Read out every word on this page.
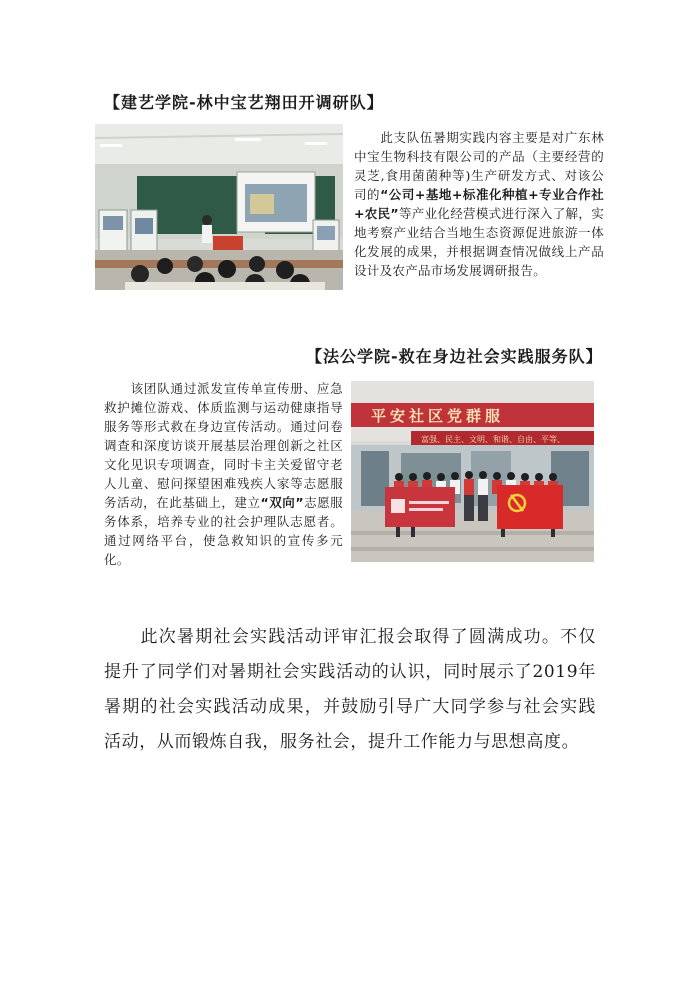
【建艺学院-林中宝艺翔田开调研队】
　　此支队伍暑期实践内容主要是对广东林中宝生物科技有限公司的产品（主要经营的灵芝,食用菌菌种等)生产研发方式、对该公司的“公司+基地+标准化种植+专业合作社+农民”等产业化经营模式进行深入了解，实地考察产业结合当地生态资源促进旅游一体化发展的成果，并根据调查情况做线上产品设计及农产品市场发展调研报告。
【法公学院-救在身边社会实践服务队】
　　该团队通过派发宣传单宣传册、应急救护摊位游戏、体质监测与运动健康指导服务等形式救在身边宣传活动。通过问卷调查和深度访谈开展基层治理创新之社区文化见识专项调查，同时卡主关爱留守老人儿童、慰问探望困难残疾人家等志愿服务活动，在此基础上，建立“双向”志愿服务体系，培养专业的社会护理队志愿者。通过网络平台，使急救知识的宣传多元化。
平安社区党群服
富强、民主、文明、和谐、自由、平等、
　　此次暑期社会实践活动评审汇报会取得了圆满成功。不仅提升了同学们对暑期社会实践活动的认识，同时展示了2019年暑期的社会实践活动成果，并鼓励引导广大同学参与社会实践活动，从而锻炼自我，服务社会，提升工作能力与思想高度。
